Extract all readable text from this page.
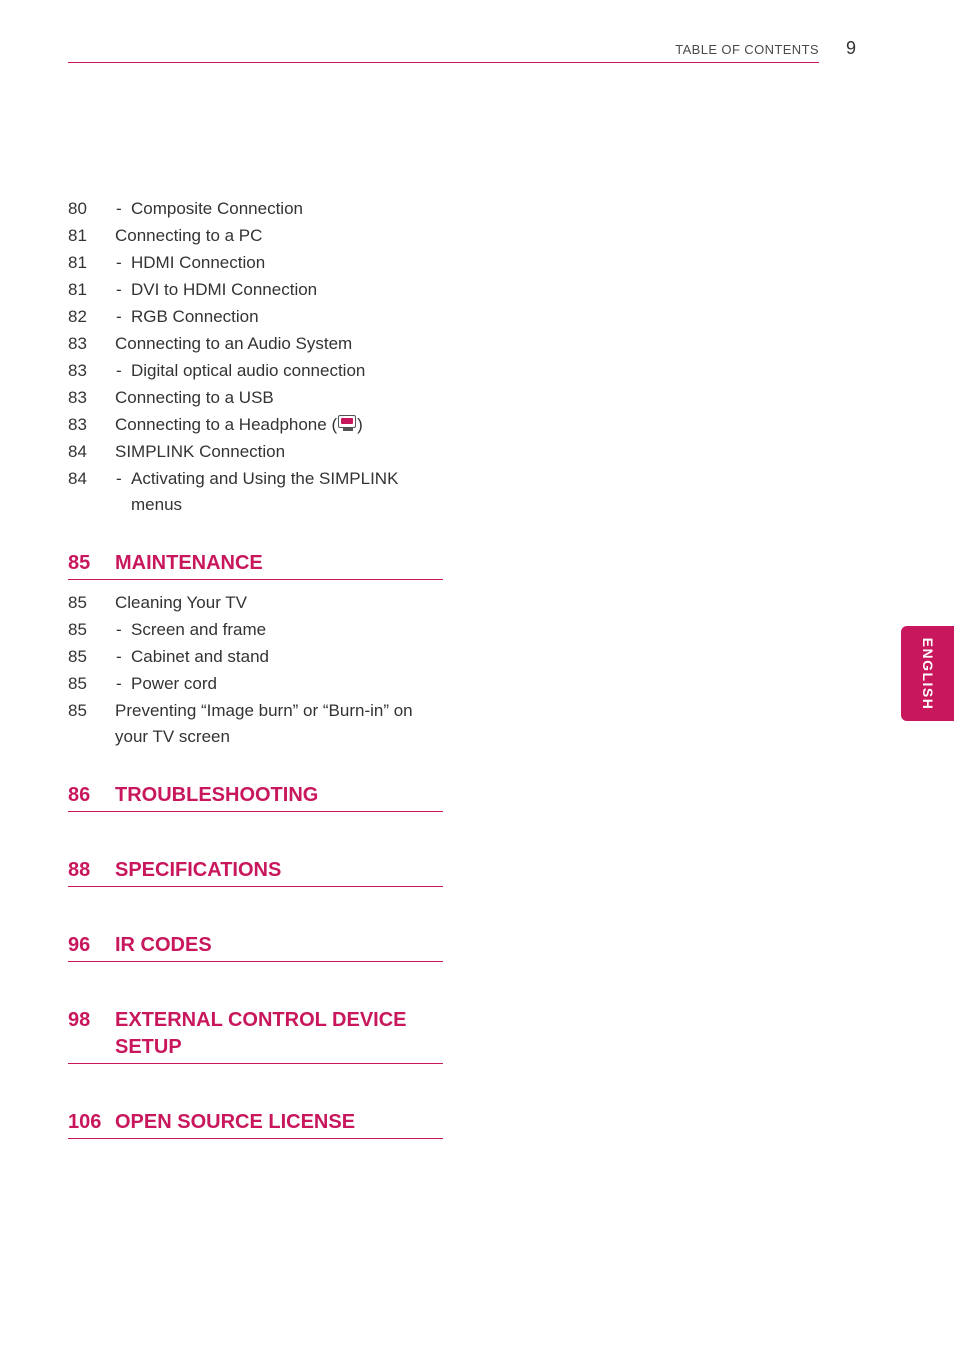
TABLE OF CONTENTS 9
ENGLISH
80 - Composite Connection
81 Connecting to a PC
81 - HDMI Connection
81 - DVI to HDMI Connection
82 - RGB Connection
83 Connecting to an Audio System
83 - Digital optical audio connection
83 Connecting to a USB
83 Connecting to a Headphone ( )
84 SIMPLINK Connection
84 - Activating and Using the SIMPLINK menus
85 MAINTENANCE
85 Cleaning Your TV
85 - Screen and frame
85 - Cabinet and stand
85 - Power cord
85 Preventing “Image burn” or “Burn-in” on your TV screen
86 TROUBLESHOOTING
88 SPECIFICATIONS
96 IR CODES
98 EXTERNAL CONTROL DEVICE SETUP
106 OPEN SOURCE LICENSE
